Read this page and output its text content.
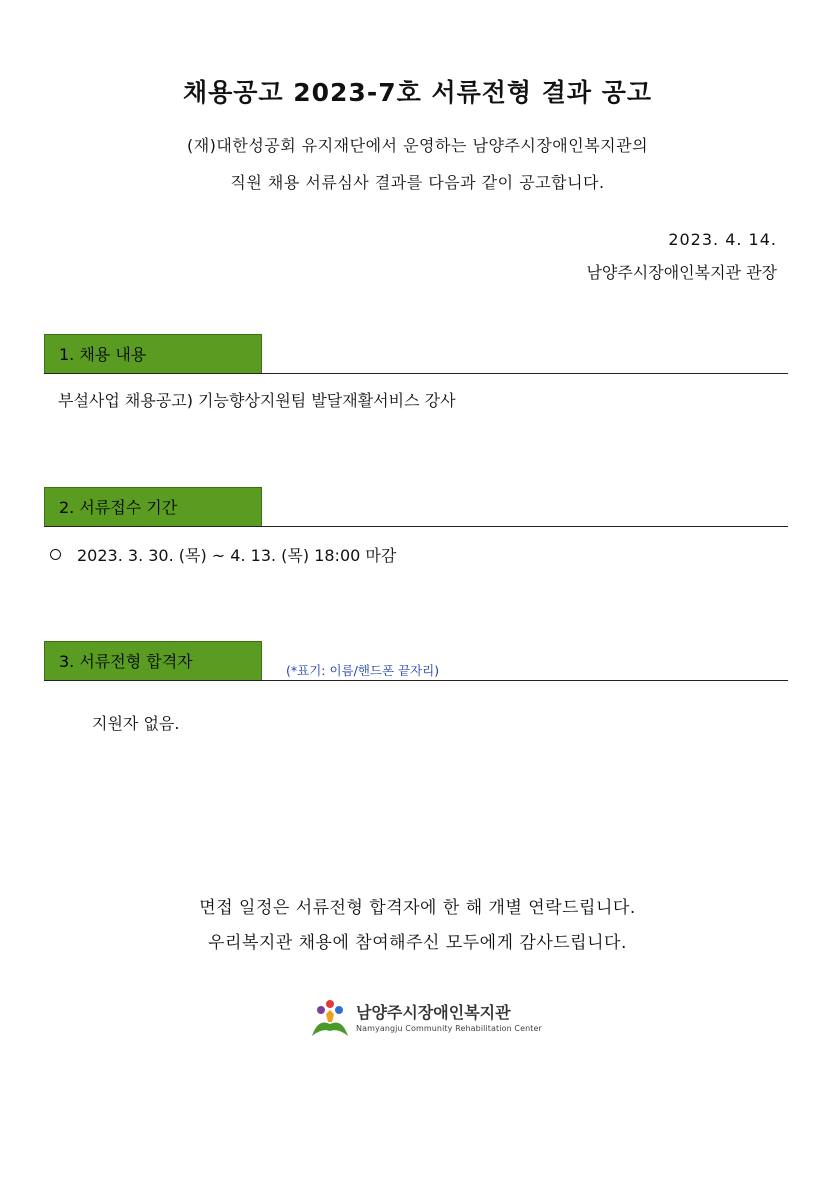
채용공고 2023-7호 서류전형 결과 공고
(재)대한성공회 유지재단에서 운영하는 남양주시장애인복지관의
직원 채용 서류심사 결과를 다음과 같이 공고합니다.
2023. 4. 14.
남양주시장애인복지관 관장
1. 채용 내용
부설사업 채용공고) 기능향상지원팀 발달재활서비스 강사
2. 서류접수 기간
2023. 3. 30. (목) ~ 4. 13. (목) 18:00 마감
3. 서류전형 합격자	(*표기: 이름/핸드폰 끝자리)
지원자 없음.
면접 일정은 서류전형 합격자에 한 해 개별 연락드립니다.
우리복지관 채용에 참여해주신 모두에게 감사드립니다.
남양주시장애인복지관
Namyangju Community Rehabilitation Center
